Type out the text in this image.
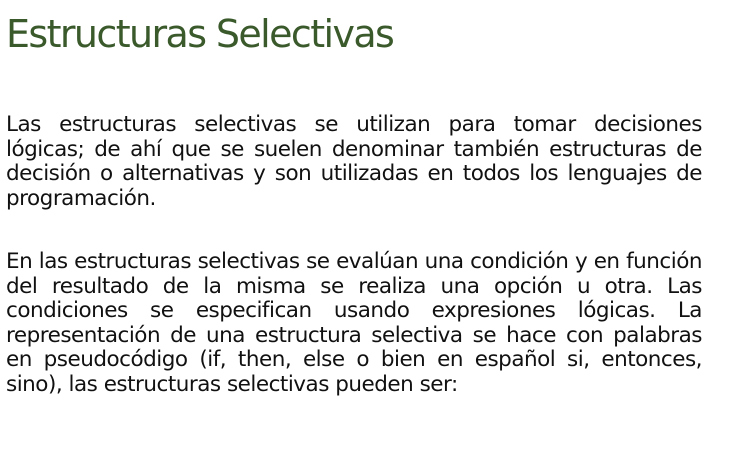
Estructuras Selectivas

Las estructuras selectivas se utilizan para tomar decisiones lógicas; de ahí que se suelen denominar también estructuras de decisión o alternativas y son utilizadas en todos los lenguajes de programación.

En las estructuras selectivas se evalúan una condición y en función del resultado de la misma se realiza una opción u otra. Las condiciones se especifican usando expresiones lógicas. La representación de una estructura selectiva se hace con palabras en pseudocódigo (if, then, else o bien en español si, entonces, sino), las estructuras selectivas pueden ser:
